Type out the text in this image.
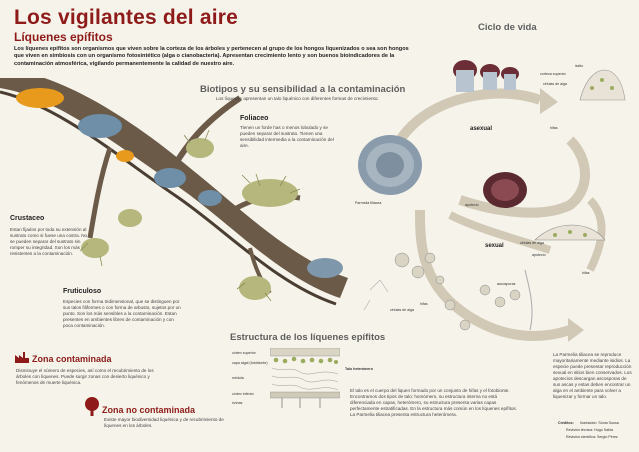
Los vigilantes del aire
Líquenes epífitos
Los líquenes epífitos son organismos que viven sobre la corteza de los árboles y pertenecen al grupo de los hongos liquenizados o sea son hongos que viven en simbiosis con un organismo fotosintético (alga o cianobacteria). Apresentan crecimiento lento y son buenos bioindicadores de la contaminación atmosférica, vigilando permanentemente la calidad de nuestro aire.
Biotipos y su sensibilidad a la contaminación
Los líquenes apresentan un talo liquénico con diferentes formas de crecimiento:
Foliaceo
Tienen un forde has o menos lobulado y se pueden separar del sustrato. Tienen una sensibilidad intermedia a la contaminación del aire.
Crustaceo
Estan fijados por toda su extensión al sustrato como si fuese una costra. No se pueden separar del sustrato sin romper su integridad. Son los más resistentes a la contaminación.
Fruticuloso
Especies con forma tridimensional, que se distinguen por sus talos filiformes o con forma de arbusto, sujetos por un punto. Son los más sensibles a la contaminación. Estan presentes en ambientes libres de contaminación y con poca contaminación.
Zona contaminada
Disminuye el número de especies, así como el recubrimiento de los árboles con líquenes. Puede surgir zonas con desierto liquénico y fenómenos de muerte liquénica.
Zona no contaminada
Existe mayor biodiversidad liquénica y de recubrimiento de líquenes en los árboles.
Estructura de los líquenes epífitos
córtex superior
capa algal (fotobionte)
médula
córtex inferior
rizinas
Talo heterómero
El talo es el cuerpo del liquen formado por un conjunto de hifas y el fotobionte. Encontramos dos tipos de talo: homómero, su estructura interna no está diferenciada en capas, heterómero, su estructura presenta varias capas perfectamente estratificadas. En la estructura más común en los líquenes epífitos. La Parmelia tiliacea presenta estructura heterómera.
Ciclo de vida
asexual
sexual
isidio
corteza superior
células de alga
hifas
Parmelia tiliacea	apotecio
células de alga
apotecio
ascosporas
hifas
células de alga
hifas
La Parmelia tiliacea se reproduce mayoritariamente mediante isidios. La especie puede presentar reproducción sexual en sitios bien conservados. Los apotecios descargan ascosporas de sus ascas y estas deben encontrar un alga en el ambiente para volver a liquenizar y formar un talo.
Créditos: Ilustración: Sónia Sousa
Revisión técnica: Hugo Sabia
Revisión científica: Sergio Pérez
